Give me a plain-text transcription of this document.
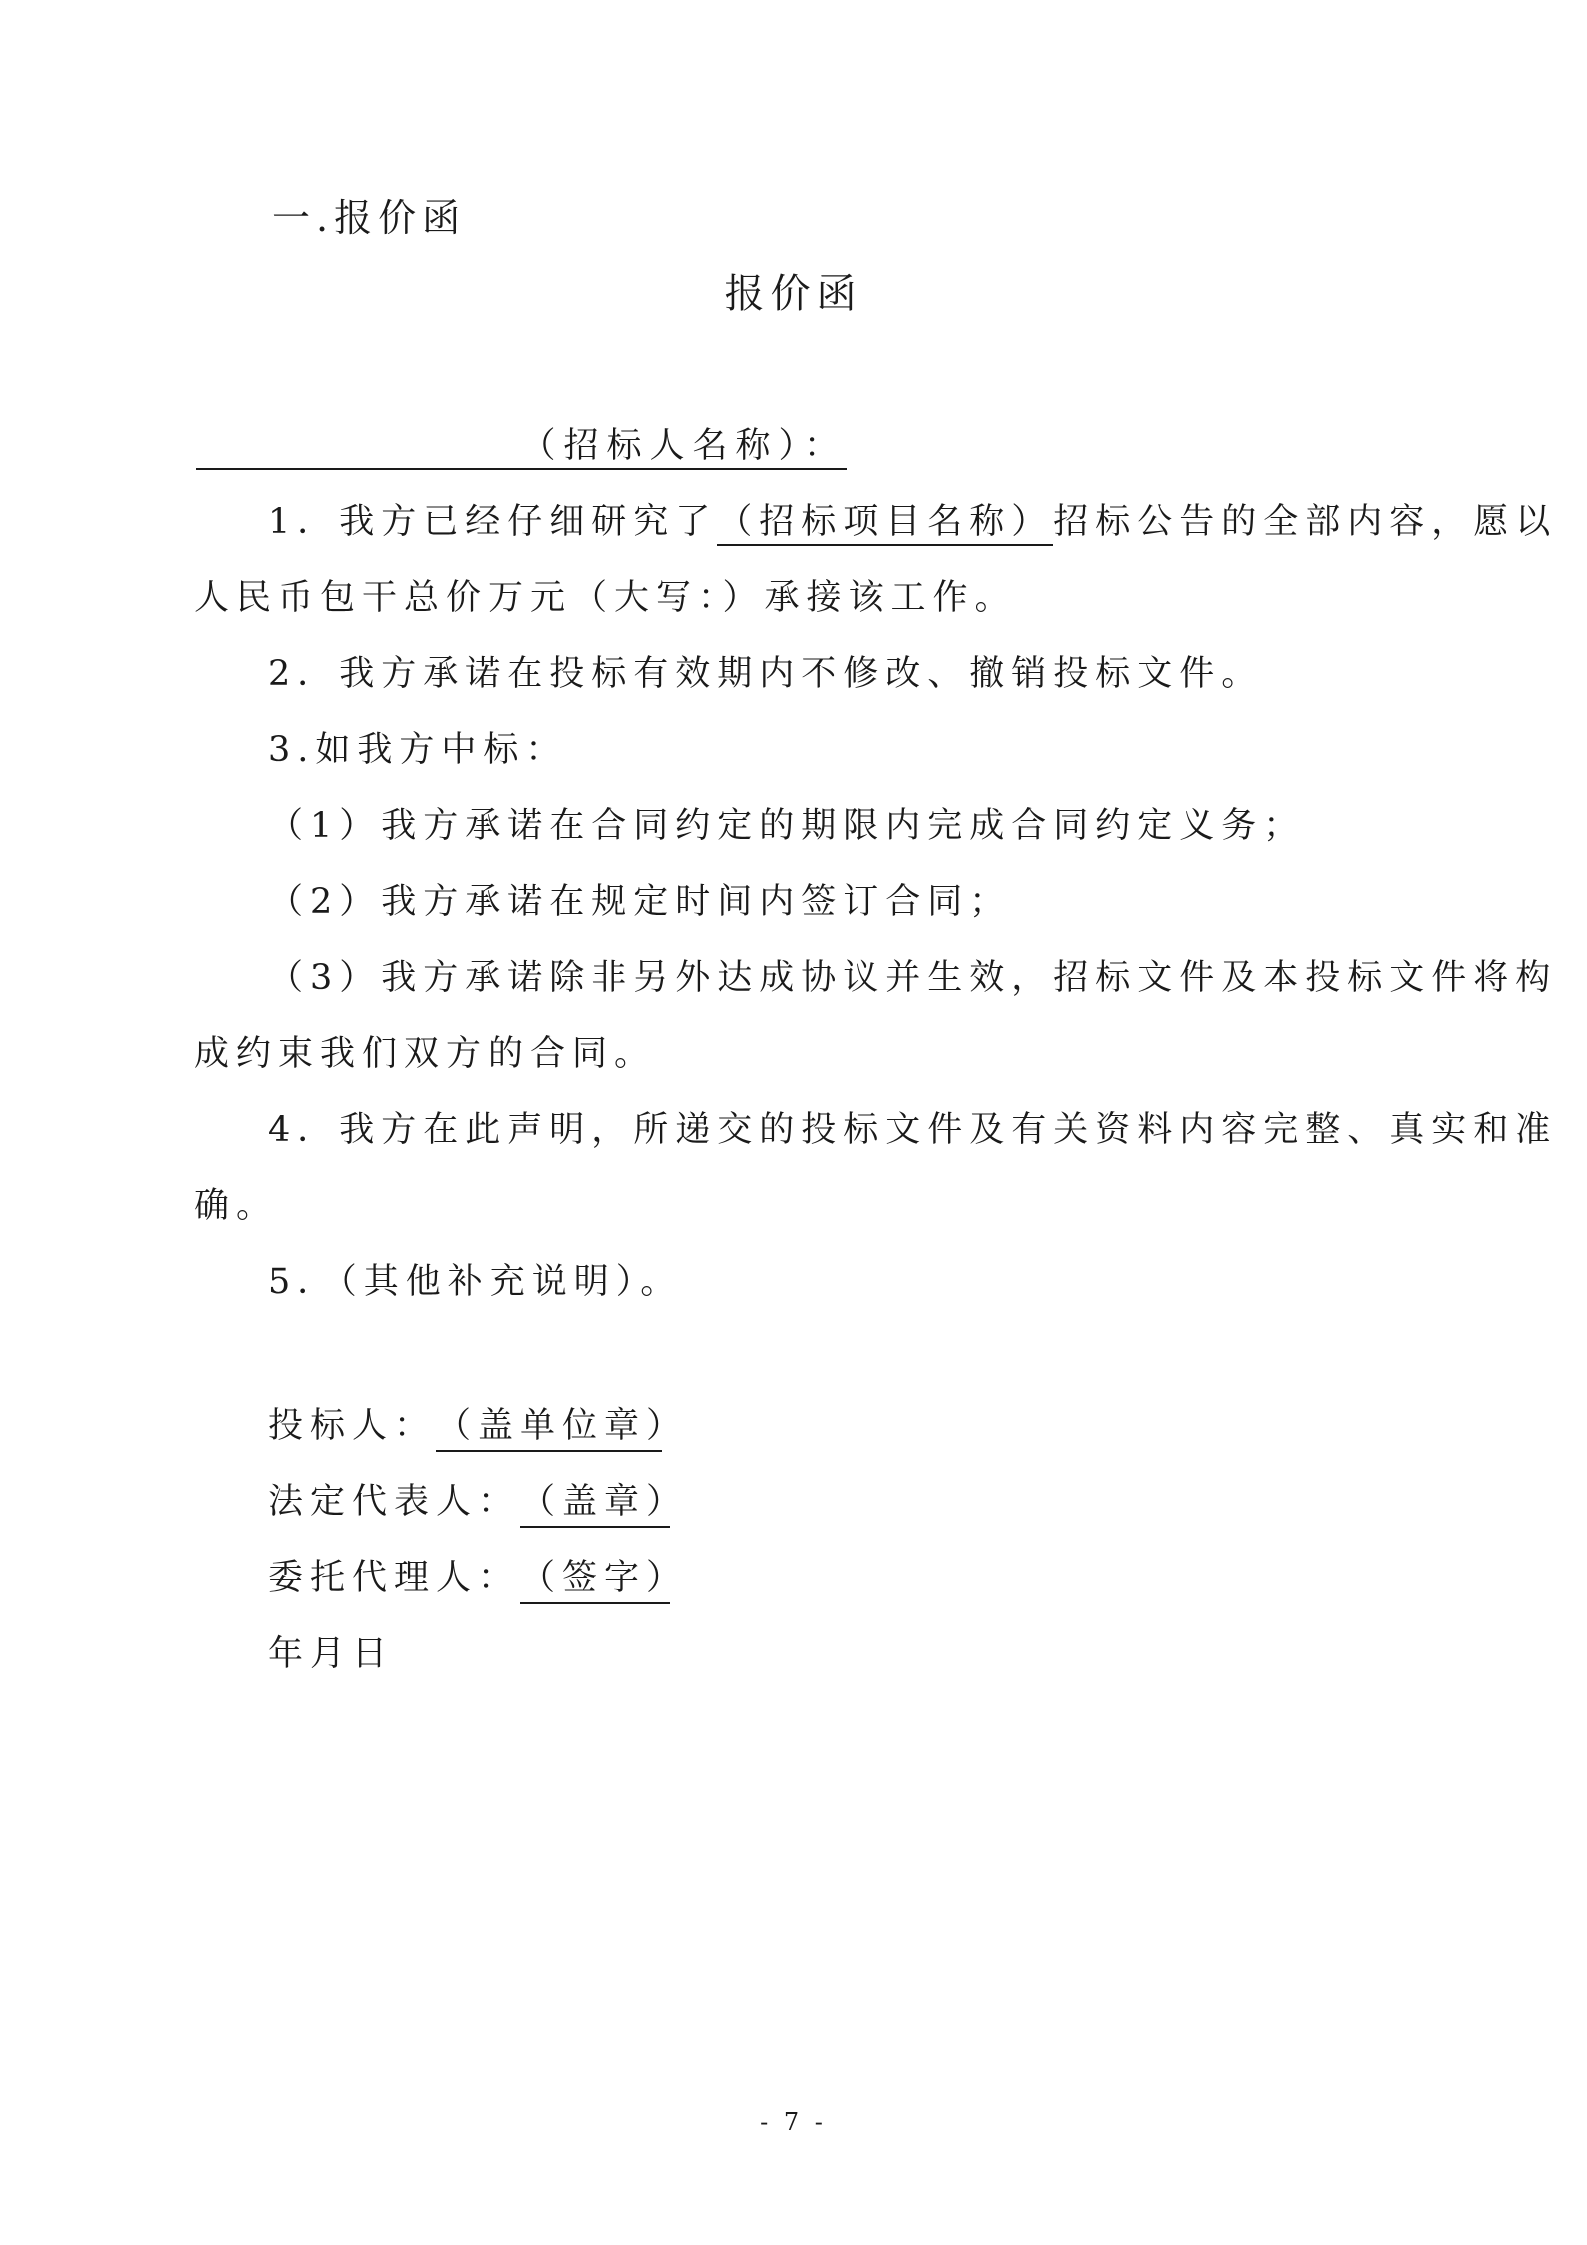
一.报价函
报价函
（招标人名称）：
1．我方已经仔细研究了（招标项目名称）招标公告的全部内容，愿以
人民币包干总价万元（大写：）承接该工作。
2．我方承诺在投标有效期内不修改、撤销投标文件。
3.如我方中标：
（1）我方承诺在合同约定的期限内完成合同约定义务；
（2）我方承诺在规定时间内签订合同；
（3）我方承诺除非另外达成协议并生效，招标文件及本投标文件将构
成约束我们双方的合同。
4．我方在此声明，所递交的投标文件及有关资料内容完整、真实和准
确。
5．（其他补充说明）。
投标人：（盖单位章）
法定代表人：（盖章）
委托代理人：（签字）
年月日
- 7 -
